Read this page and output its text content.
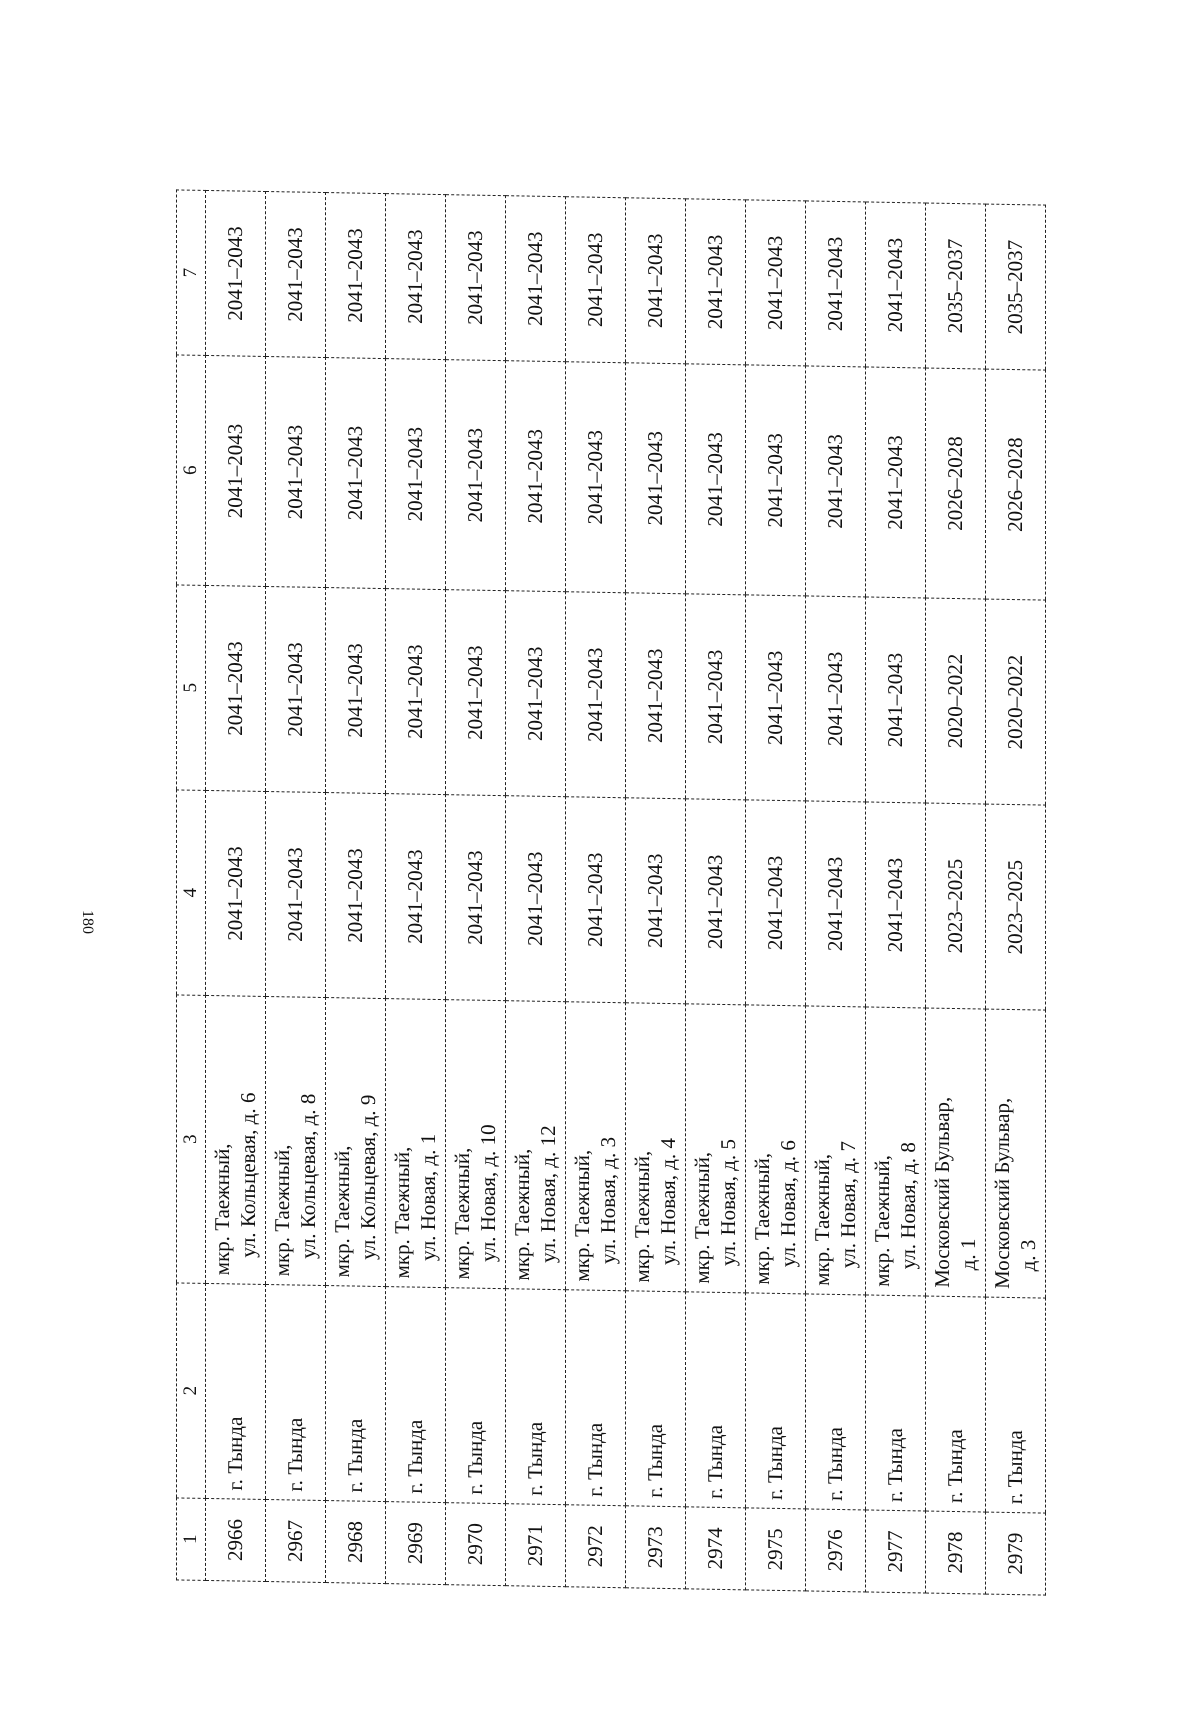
180
1	2	3	4	5	6	7
2966	г. Тында	мкр. Таежный, ул. Кольцевая, д. 6	2041–2043	2041–2043	2041–2043	2041–2043
2967	г. Тында	мкр. Таежный, ул. Кольцевая, д. 8	2041–2043	2041–2043	2041–2043	2041–2043
2968	г. Тында	мкр. Таежный, ул. Кольцевая, д. 9	2041–2043	2041–2043	2041–2043	2041–2043
2969	г. Тында	мкр. Таежный, ул. Новая, д. 1	2041–2043	2041–2043	2041–2043	2041–2043
2970	г. Тында	мкр. Таежный, ул. Новая, д. 10	2041–2043	2041–2043	2041–2043	2041–2043
2971	г. Тында	мкр. Таежный, ул. Новая, д. 12	2041–2043	2041–2043	2041–2043	2041–2043
2972	г. Тында	мкр. Таежный, ул. Новая, д. 3	2041–2043	2041–2043	2041–2043	2041–2043
2973	г. Тында	мкр. Таежный, ул. Новая, д. 4	2041–2043	2041–2043	2041–2043	2041–2043
2974	г. Тында	мкр. Таежный, ул. Новая, д. 5	2041–2043	2041–2043	2041–2043	2041–2043
2975	г. Тында	мкр. Таежный, ул. Новая, д. 6	2041–2043	2041–2043	2041–2043	2041–2043
2976	г. Тында	мкр. Таежный, ул. Новая, д. 7	2041–2043	2041–2043	2041–2043	2041–2043
2977	г. Тында	мкр. Таежный, ул. Новая, д. 8	2041–2043	2041–2043	2041–2043	2041–2043
2978	г. Тында	Московский Бульвар, д. 1	2023–2025	2020–2022	2026–2028	2035–2037
2979	г. Тында	Московский Бульвар, д. 3	2023–2025	2020–2022	2026–2028	2035–2037
